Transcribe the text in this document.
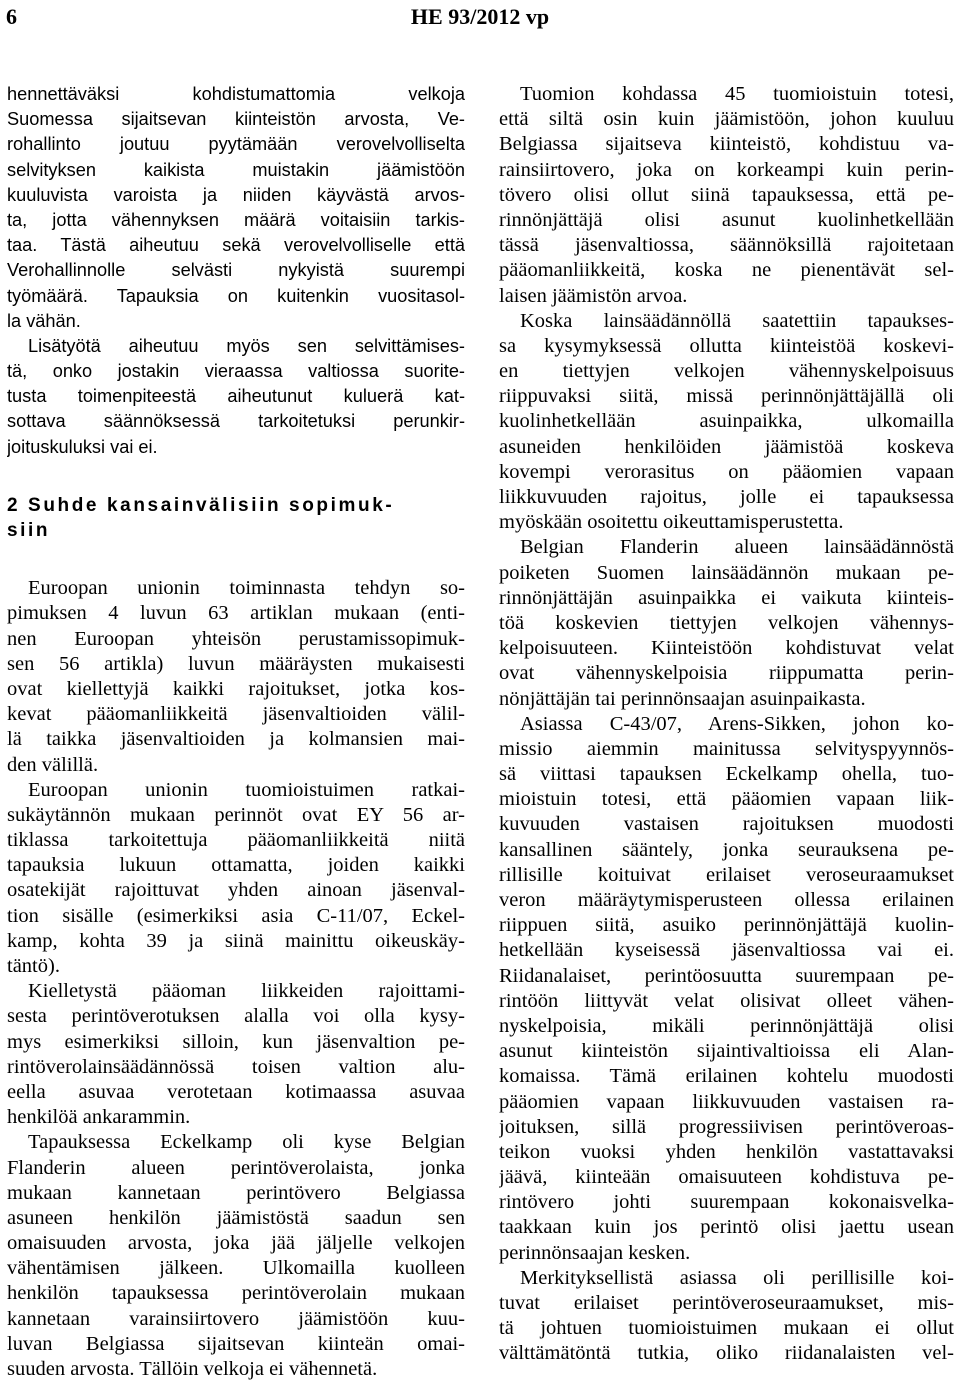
6	HE 93/2012 vp
hennettäväksi kohdistumattomia velkoja
Suomessa sijaitsevan kiinteistön arvosta, Ve-
rohallinto joutuu pyytämään verovelvolliselta
selvityksen kaikista muistakin jäämistöön
kuuluvista varoista ja niiden käyvästä arvos-
ta, jotta vähennyksen määrä voitaisiin tarkis-
taa. Tästä aiheutuu sekä verovelvolliselle että
Verohallinnolle selvästi nykyistä suurempi
työmäärä. Tapauksia on kuitenkin vuositasol-
la vähän.
Lisätyötä aiheutuu myös sen selvittämises-
tä, onko jostakin vieraassa valtiossa suorite-
tusta toimenpiteestä aiheutunut kuluerä kat-
sottava säännöksessä tarkoitetuksi perunkir-
joituskuluksi vai ei.
2 Suhde kansainvälisiin sopimuk-
siin
Euroopan unionin toiminnasta tehdyn so-
pimuksen 4 luvun 63 artiklan mukaan (enti-
nen Euroopan yhteisön perustamissopimuk-
sen 56 artikla) luvun määräysten mukaisesti
ovat kiellettyjä kaikki rajoitukset, jotka kos-
kevat pääomanliikkeitä jäsenvaltioiden välil-
lä taikka jäsenvaltioiden ja kolmansien mai-
den välillä.
Euroopan unionin tuomioistuimen ratkai-
sukäytännön mukaan perinnöt ovat EY 56 ar-
tiklassa tarkoitettuja pääomanliikkeitä niitä
tapauksia lukuun ottamatta, joiden kaikki
osatekijät rajoittuvat yhden ainoan jäsenval-
tion sisälle (esimerkiksi asia C-11/07, Eckel-
kamp, kohta 39 ja siinä mainittu oikeuskäy-
täntö).
Kielletystä pääoman liikkeiden rajoittami-
sesta perintöverotuksen alalla voi olla kysy-
mys esimerkiksi silloin, kun jäsenvaltion pe-
rintöverolainsäädännössä toisen valtion alu-
eella asuvaa verotetaan kotimaassa asuvaa
henkilöä ankarammin.
Tapauksessa Eckelkamp oli kyse Belgian
Flanderin alueen perintöverolaista, jonka
mukaan kannetaan perintövero Belgiassa
asuneen henkilön jäämistöstä saadun sen
omaisuuden arvosta, joka jää jäljelle velkojen
vähentämisen jälkeen. Ulkomailla kuolleen
henkilön tapauksessa perintöverolain mukaan
kannetaan varainsiirtovero jäämistöön kuu-
luvan Belgiassa sijaitsevan kiinteän omai-
suuden arvosta. Tällöin velkoja ei vähennetä.
Tuomion kohdassa 45 tuomioistuin totesi,
että siltä osin kuin jäämistöön, johon kuuluu
Belgiassa sijaitseva kiinteistö, kohdistuu va-
rainsiirtovero, joka on korkeampi kuin perin-
tövero olisi ollut siinä tapauksessa, että pe-
rinnönjättäjä olisi asunut kuolinhetkellään
tässä jäsenvaltiossa, säännöksillä rajoitetaan
pääomanliikkeitä, koska ne pienentävät sel-
laisen jäämistön arvoa.
Koska lainsäädännöllä saatettiin tapaukses-
sa kysymyksessä ollutta kiinteistöä koskevi-
en tiettyjen velkojen vähennyskelpoisuus
riippuvaksi siitä, missä perinnönjättäjällä oli
kuolinhetkellään asuinpaikka, ulkomailla
asuneiden henkilöiden jäämistöä koskeva
kovempi verorasitus on pääomien vapaan
liikkuvuuden rajoitus, jolle ei tapauksessa
myöskään osoitettu oikeuttamisperustetta.
Belgian Flanderin alueen lainsäädännöstä
poiketen Suomen lainsäädännön mukaan pe-
rinnönjättäjän asuinpaikka ei vaikuta kiinteis-
töä koskevien tiettyjen velkojen vähennys-
kelpoisuuteen. Kiinteistöön kohdistuvat velat
ovat vähennyskelpoisia riippumatta perin-
nönjättäjän tai perinnönsaajan asuinpaikasta.
Asiassa C-43/07, Arens-Sikken, johon ko-
missio aiemmin mainitussa selvityspyynnös-
sä viittasi tapauksen Eckelkamp ohella, tuo-
mioistuin totesi, että pääomien vapaan liik-
kuvuuden vastaisen rajoituksen muodosti
kansallinen sääntely, jonka seurauksena pe-
rillisille koituivat erilaiset veroseuraamukset
veron määräytymisperusteen ollessa erilainen
riippuen siitä, asuiko perinnönjättäjä kuolin-
hetkellään kyseisessä jäsenvaltiossa vai ei.
Riidanalaiset, perintöosuutta suurempaan pe-
rintöön liittyvät velat olisivat olleet vähen-
nyskelpoisia, mikäli perinnönjättäjä olisi
asunut kiinteistön sijaintivaltioissa eli Alan-
komaissa. Tämä erilainen kohtelu muodosti
pääomien vapaan liikkuvuuden vastaisen ra-
joituksen, sillä progressiivisen perintöveroas-
teikon vuoksi yhden henkilön vastattavaksi
jäävä, kiinteään omaisuuteen kohdistuva pe-
rintövero johti suurempaan kokonaisvelka-
taakkaan kuin jos perintö olisi jaettu usean
perinnönsaajan kesken.
Merkityksellistä asiassa oli perillisille koi-
tuvat erilaiset perintöveroseuraamukset, mis-
tä johtuen tuomioistuimen mukaan ei ollut
välttämätöntä tutkia, oliko riidanalaisten vel-
